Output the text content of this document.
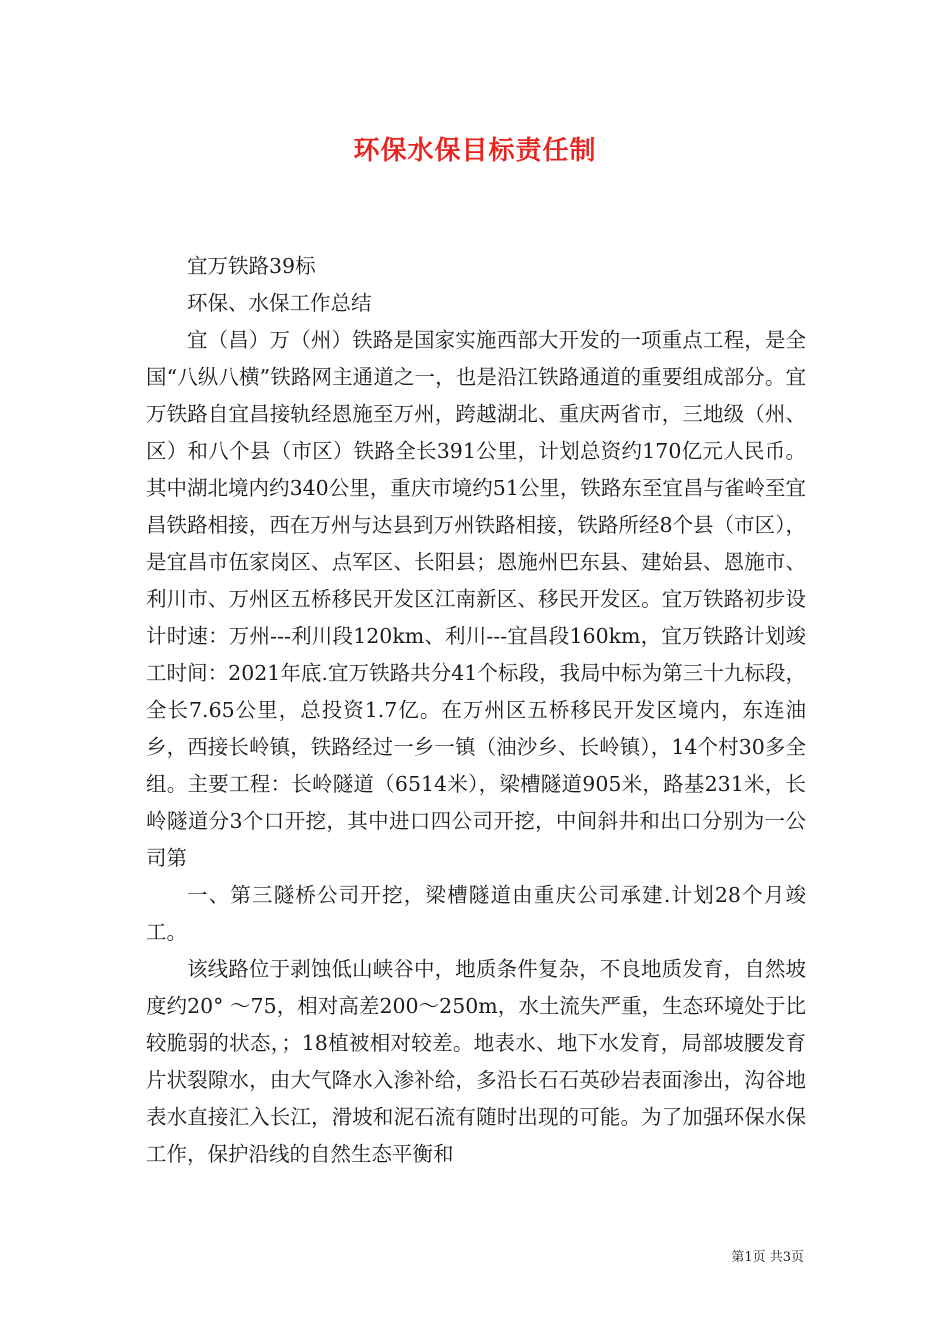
环保水保目标责任制

宜万铁路39标

环保、水保工作总结

宜（昌）万（州）铁路是国家实施西部大开发的一项重点工程，是全国“八纵八横”铁路网主通道之一，也是沿江铁路通道的重要组成部分。宜万铁路自宜昌接轨经恩施至万州，跨越湖北、重庆两省市，三地级（州、区）和八个县（市区）铁路全长391公里，计划总资约170亿元人民币。其中湖北境内约340公里，重庆市境约51公里，铁路东至宜昌与雀岭至宜昌铁路相接，西在万州与达县到万州铁路相接，铁路所经8个县（市区），是宜昌市伍家岗区、点军区、长阳县；恩施州巴东县、建始县、恩施市、利川市、万州区五桥移民开发区江南新区、移民开发区。宜万铁路初步设计时速：万州---利川段120km、利川---宜昌段160km，宜万铁路计划竣工时间：2021年底.宜万铁路共分41个标段，我局中标为第三十九标段，全长7.65公里，总投资1.7亿。在万州区五桥移民开发区境内，东连油乡，西接长岭镇，铁路经过一乡一镇（油沙乡、长岭镇），14个村30多全组。主要工程：长岭隧道（6514米），梁槽隧道905米，路基231米，长岭隧道分3个口开挖，其中进口四公司开挖，中间斜井和出口分别为一公司第

一、第三隧桥公司开挖，梁槽隧道由重庆公司承建.计划28个月竣工。

该线路位于剥蚀低山峡谷中，地质条件复杂，不良地质发育，自然坡度约20° ～75，相对高差200～250m，水土流失严重，生态环境处于比较脆弱的状态，；18植被相对较差。地表水、地下水发育，局部坡腰发育片状裂隙水，由大气降水入渗补给，多沿长石石英砂岩表面渗出，沟谷地表水直接汇入长江，滑坡和泥石流有随时出现的可能。为了加强环保水保工作，保护沿线的自然生态平衡和

第1页 共3页
